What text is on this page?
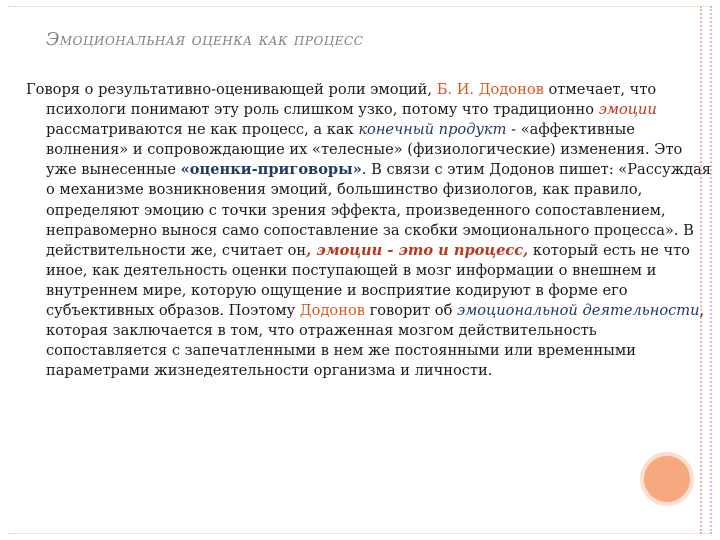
Эмоциональная оценка как процесс
Говоря о результативно-оценивающей роли эмоций, Б. И. Додонов отмечает, что психологи понимают эту роль слишком узко, потому что традиционно эмоции рассматриваются не как процесс, а как конечный продукт - «аффективные волнения» и сопровождающие их «телесные» (физиологические) изменения. Это уже вынесенные «оценки-приговоры». В связи с этим Додонов пишет: «Рассуждая о механизме возникновения эмоций, большинство физиологов, как правило, определяют эмоцию с точки зрения эффекта, произведенного сопоставлением, неправомерно вынося само сопоставление за скобки эмоционального процесса». В действительности же, считает он, эмоции - это и процесс, который есть не что иное, как деятельность оценки поступающей в мозг информации о внешнем и внутреннем мире, которую ощущение и восприятие кодируют в форме его субъективных образов. Поэтому Додонов говорит об эмоциональной деятельности, которая заключается в том, что отраженная мозгом действительность сопоставляется с запечатленными в нем же постоянными или временными параметрами жизнедеятельности организма и личности.
